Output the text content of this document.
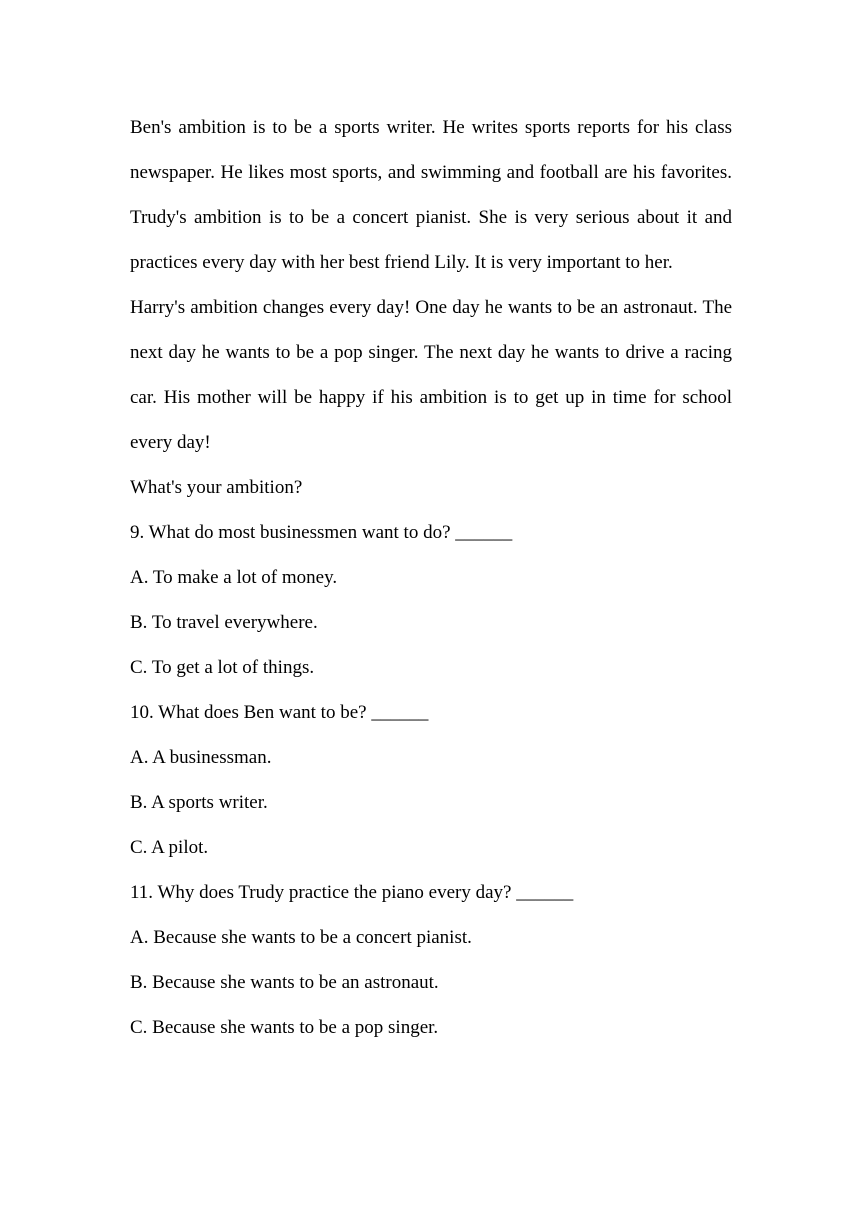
Ben's ambition is to be a sports writer. He writes sports reports for his class newspaper. He likes most sports, and swimming and football are his favorites. Trudy's ambition is to be a concert pianist. She is very serious about it and practices every day with her best friend Lily. It is very important to her.

Harry's ambition changes every day! One day he wants to be an astronaut. The next day he wants to be a pop singer. The next day he wants to drive a racing car. His mother will be happy if his ambition is to get up in time for school every day!

What's your ambition?

9. What do most businessmen want to do? ______

A. To make a lot of money.

B. To travel everywhere.

C. To get a lot of things.

10. What does Ben want to be? ______

A. A businessman.

B. A sports writer.

C. A pilot.

11. Why does Trudy practice the piano every day? ______

A. Because she wants to be a concert pianist.

B. Because she wants to be an astronaut.

C. Because she wants to be a pop singer.
